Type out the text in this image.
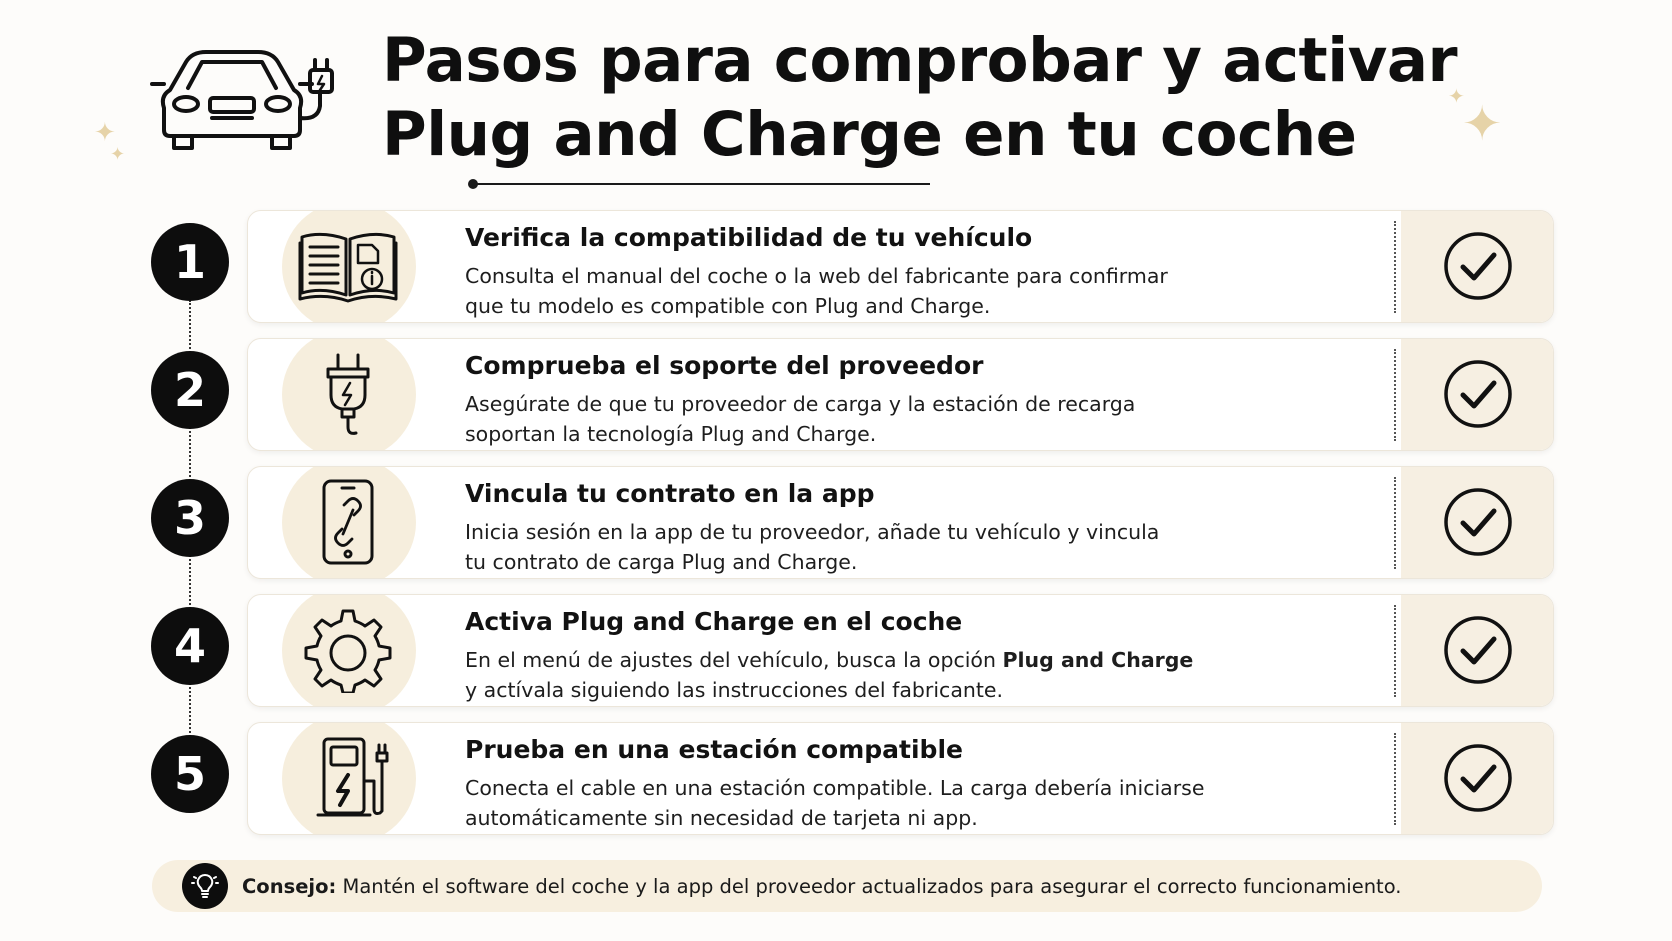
✦
✦
✦
✦
Pasos para comprobar y activar
Plug and Charge en tu coche
1	Verifica la compatibilidad de tu vehículo
Consulta el manual del coche o la web del fabricante para confirmar
que tu modelo es compatible con Plug and Charge.
2	Comprueba el soporte del proveedor
Asegúrate de que tu proveedor de carga y la estación de recarga
soportan la tecnología Plug and Charge.
3	Vincula tu contrato en la app
Inicia sesión en la app de tu proveedor, añade tu vehículo y vincula
tu contrato de carga Plug and Charge.
4	Activa Plug and Charge en el coche
En el menú de ajustes del vehículo, busca la opción Plug and Charge
y actívala siguiendo las instrucciones del fabricante.
5	Prueba en una estación compatible
Conecta el cable en una estación compatible. La carga debería iniciarse
automáticamente sin necesidad de tarjeta ni app.
Consejo: Mantén el software del coche y la app del proveedor actualizados para asegurar el correcto funcionamiento.
